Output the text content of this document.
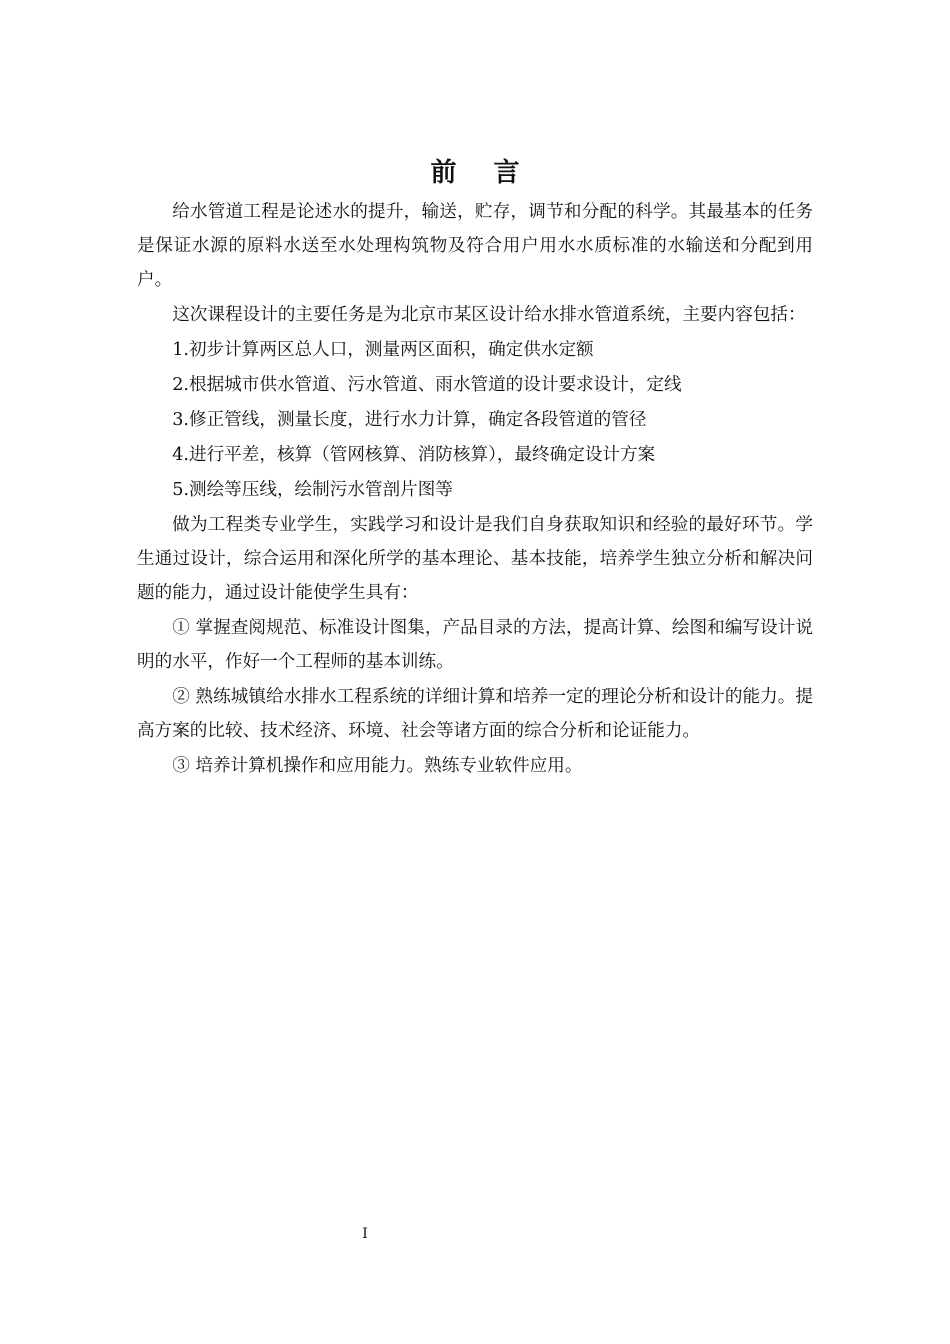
前 言

给水管道工程是论述水的提升，输送，贮存，调节和分配的科学。其最基本的任务是保证水源的原料水送至水处理构筑物及符合用户用水水质标准的水输送和分配到用户。

这次课程设计的主要任务是为北京市某区设计给水排水管道系统，主要内容包括：

1.初步计算两区总人口，测量两区面积，确定供水定额

2.根据城市供水管道、污水管道、雨水管道的设计要求设计，定线

3.修正管线，测量长度，进行水力计算，确定各段管道的管径

4.进行平差，核算（管网核算、消防核算），最终确定设计方案

5.测绘等压线，绘制污水管剖片图等

做为工程类专业学生，实践学习和设计是我们自身获取知识和经验的最好环节。学生通过设计，综合运用和深化所学的基本理论、基本技能，培养学生独立分析和解决问题的能力，通过设计能使学生具有：

① 掌握查阅规范、标准设计图集，产品目录的方法，提高计算、绘图和编写设计说明的水平，作好一个工程师的基本训练。

② 熟练城镇给水排水工程系统的详细计算和培养一定的理论分析和设计的能力。提高方案的比较、技术经济、环境、社会等诸方面的综合分析和论证能力。

③ 培养计算机操作和应用能力。熟练专业软件应用。

I
